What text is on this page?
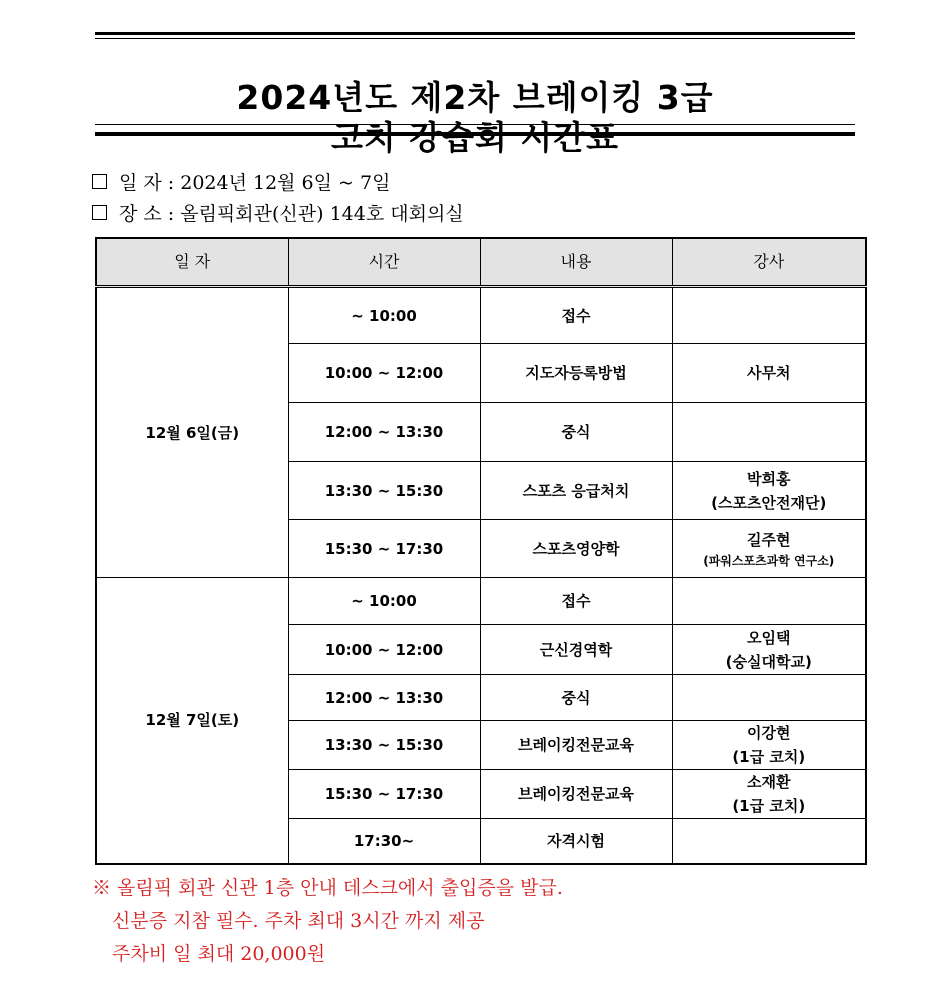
2024년도 제2차 브레이킹 3급
코치 강습회 시간표
일 자 : 2024년 12월 6일 ~ 7일
장 소 : 올림픽회관(신관) 144호 대회의실
일 자	시간	내용	강사
12월 6일(금)	~ 10:00	접수	
	10:00 ~ 12:00	지도자등록방법	사무처
	12:00 ~ 13:30	중식	
	13:30 ~ 15:30	스포츠 응급처치	박희홍
(스포츠안전재단)

	15:30 ~ 17:30	스포츠영양학	길주현
(파워스포츠과학 연구소)

12월 7일(토)	~ 10:00	접수	
	10:00 ~ 12:00	근신경역학	오임택
(숭실대학교)

	12:00 ~ 13:30	중식	
	13:30 ~ 15:30	브레이킹전문교육	이강현
(1급 코치)

	15:30 ~ 17:30	브레이킹전문교육	소재환
(1급 코치)

	17:30~	자격시험	
※ 올림픽 회관 신관 1층 안내 데스크에서 출입증을 발급.
신분증 지참 필수. 주차 최대 3시간 까지 제공
주차비 일 최대 20,000원
